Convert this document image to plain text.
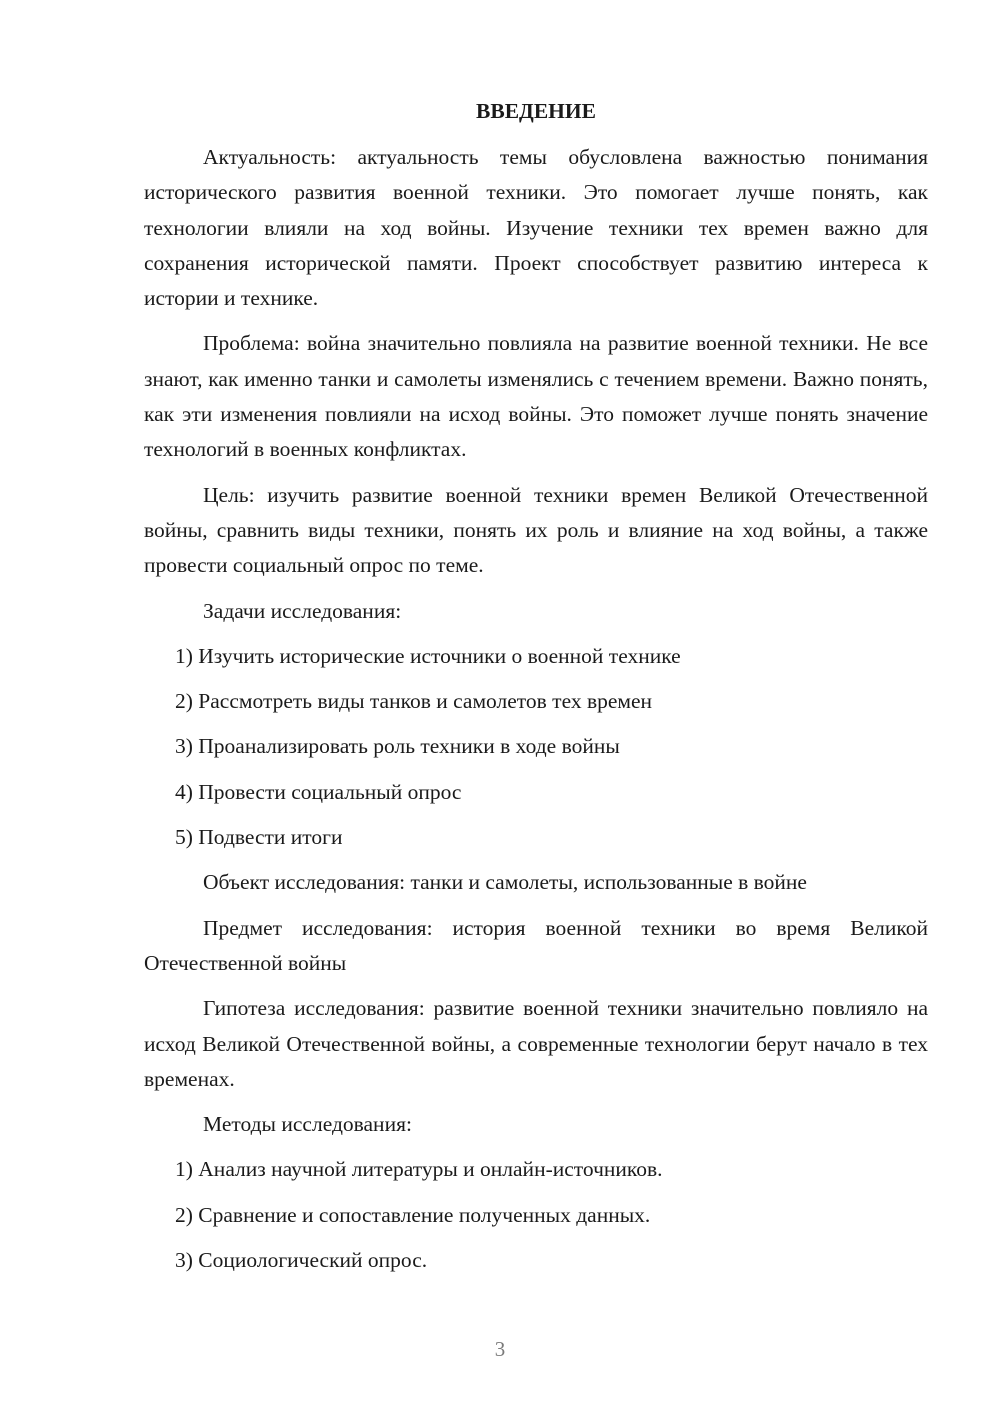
ВВЕДЕНИЕ

Актуальность: актуальность темы обусловлена важностью понимания исторического развития военной техники. Это помогает лучше понять, как технологии влияли на ход войны. Изучение техники тех времен важно для сохранения исторической памяти. Проект способствует развитию интереса к истории и технике.

Проблема: война значительно повлияла на развитие военной техники. Не все знают, как именно танки и самолеты изменялись с течением времени. Важно понять, как эти изменения повлияли на исход войны. Это поможет лучше понять значение технологий в военных конфликтах.

Цель: изучить развитие военной техники времен Великой Отечественной войны, сравнить виды техники, понять их роль и влияние на ход войны, а также провести социальный опрос по теме.

Задачи исследования:

1) Изучить исторические источники о военной технике
2) Рассмотреть виды танков и самолетов тех времен
3) Проанализировать роль техники в ходе войны
4) Провести социальный опрос
5) Подвести итоги

Объект исследования: танки и самолеты, использованные в войне

Предмет исследования: история военной техники во время Великой Отечественной войны

Гипотеза исследования: развитие военной техники значительно повлияло на исход Великой Отечественной войны, а современные технологии берут начало в тех временах.

Методы исследования:

1) Анализ научной литературы и онлайн-источников.
2) Сравнение и сопоставление полученных данных.
3) Социологический опрос.
3
